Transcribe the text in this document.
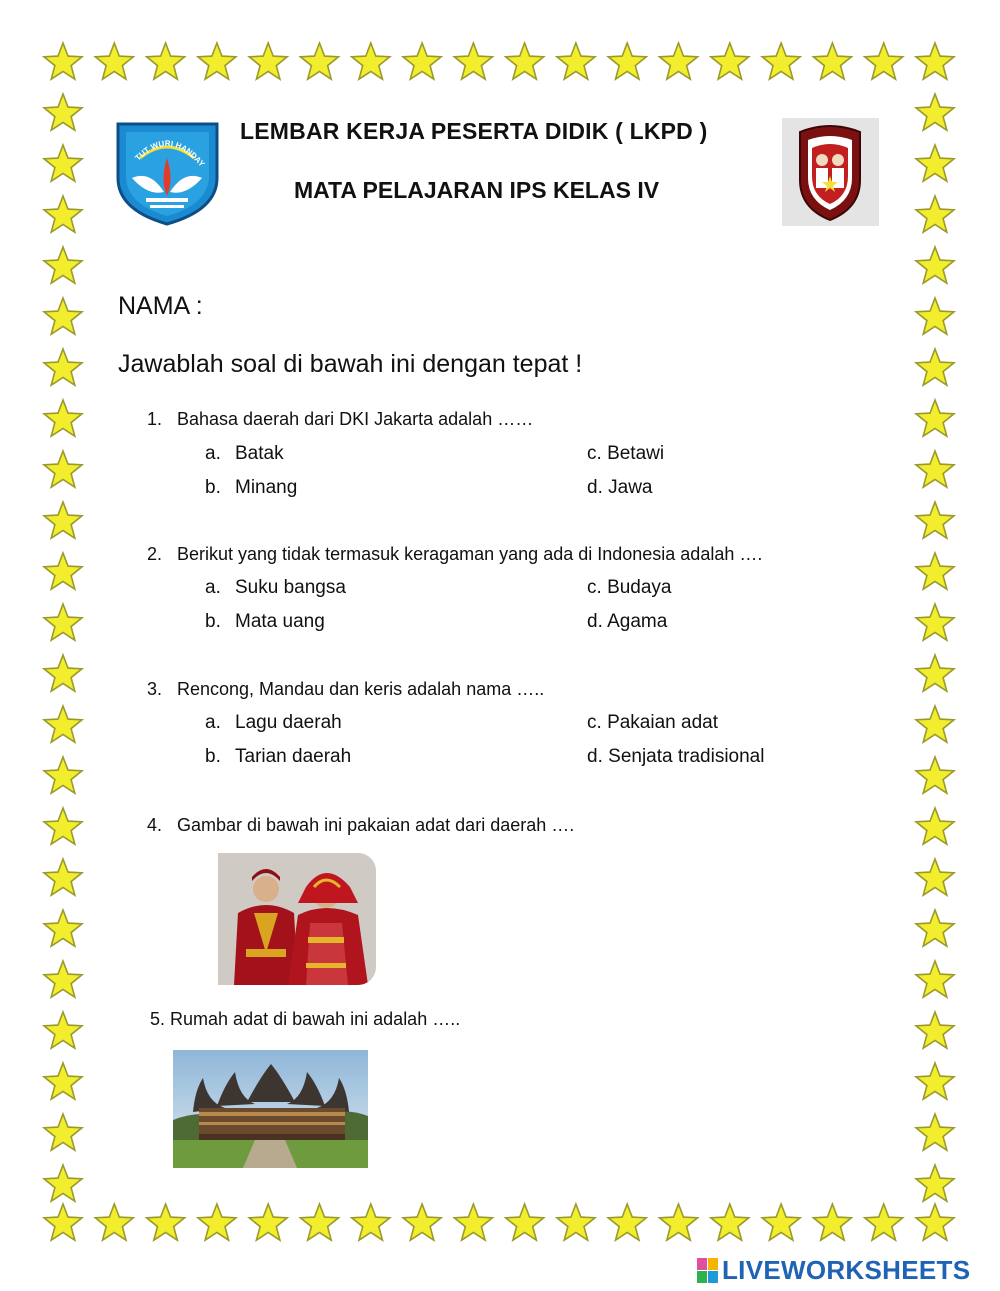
TUT WURI HANDAY
LEMBAR KERJA PESERTA DIDIK ( LKPD )
MATA PELAJARAN IPS KELAS IV
NAMA :
Jawablah soal di bawah ini dengan tepat !
1. Bahasa daerah dari DKI Jakarta adalah ……
a. Batak
b. Minang
c. Betawi
d. Jawa
2. Berikut yang tidak termasuk keragaman yang ada di Indonesia adalah ….
a. Suku bangsa
b. Mata uang
c. Budaya
d. Agama
3. Rencong, Mandau dan keris adalah nama …..
a. Lagu daerah
b. Tarian daerah
c. Pakaian adat
d. Senjata tradisional
4. Gambar di bawah ini pakaian adat dari daerah ….
5. Rumah adat di bawah ini adalah …..
LIVEWORKSHEETS
